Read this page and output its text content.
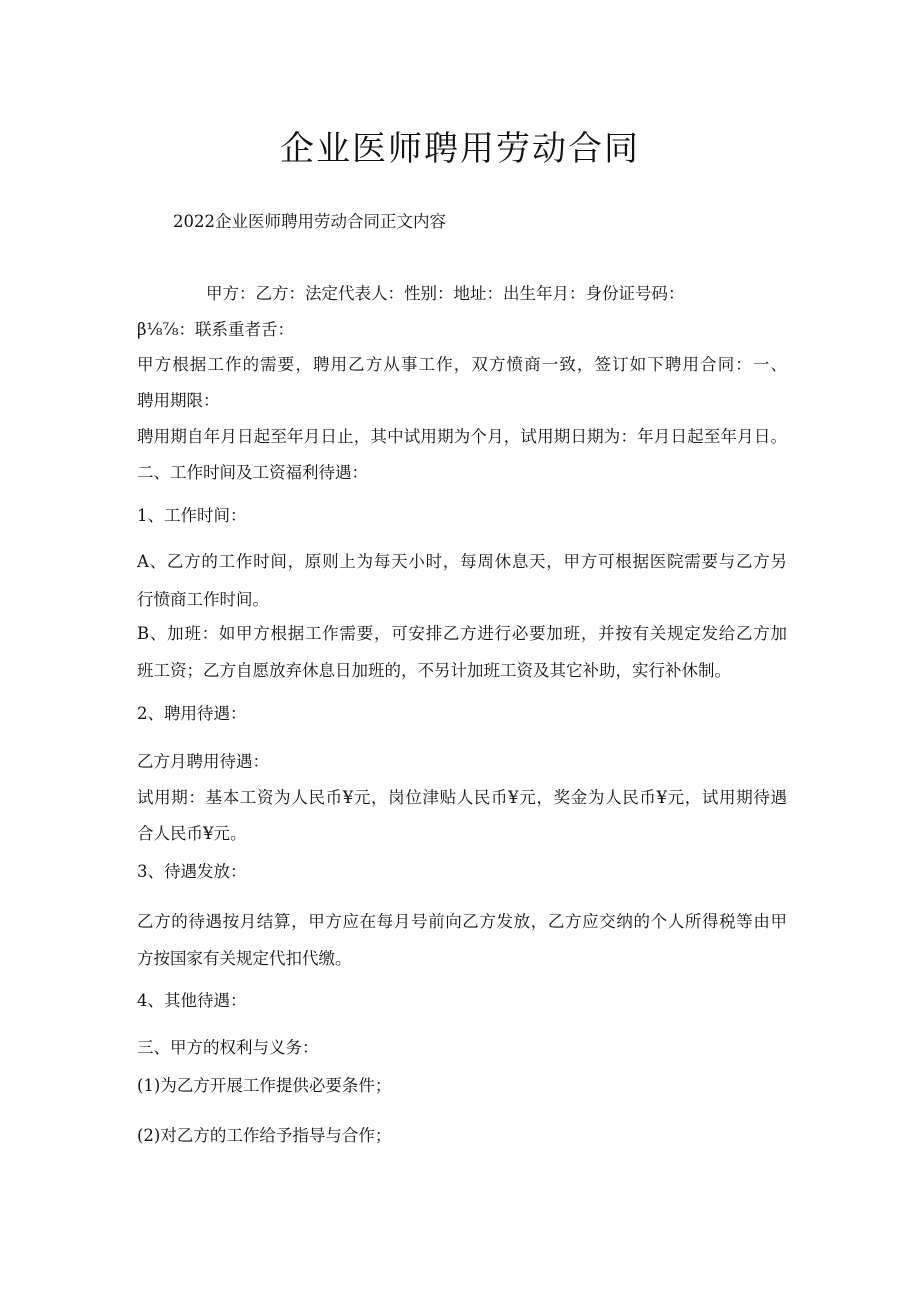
企业医师聘用劳动合同
2022企业医师聘用劳动合同正文内容
甲方：乙方：法定代表人：性别：地址：出生年月：身份证号码：
β⅛⅞：联系重者舌：
甲方根据工作的需要，聘用乙方从事工作，双方愤商一致，签订如下聘用合同：一、
聘用期限：
聘用期自年月日起至年月日止，其中试用期为个月，试用期日期为：年月日起至年月日。
二、工作时间及工资福利待遇：
1、工作时间：
A、乙方的工作时间，原则上为每天小时，每周休息天，甲方可根据医院需要与乙方另
行愤商工作时间。
B、加班：如甲方根据工作需要，可安排乙方进行必要加班，并按有关规定发给乙方加
班工资；乙方自愿放弃休息日加班的，不另计加班工资及其它补助，实行补休制。
2、聘用待遇：
乙方月聘用待遇：
试用期：基本工资为人民币¥元，岗位津贴人民币¥元，奖金为人民币¥元，试用期待遇
合人民币¥元。
3、待遇发放：
乙方的待遇按月结算，甲方应在每月号前向乙方发放，乙方应交纳的个人所得税等由甲
方按国家有关规定代扣代缴。
4、其他待遇：
三、甲方的权利与义务：
(1)为乙方开展工作提供必要条件；
(2)对乙方的工作给予指导与合作；
